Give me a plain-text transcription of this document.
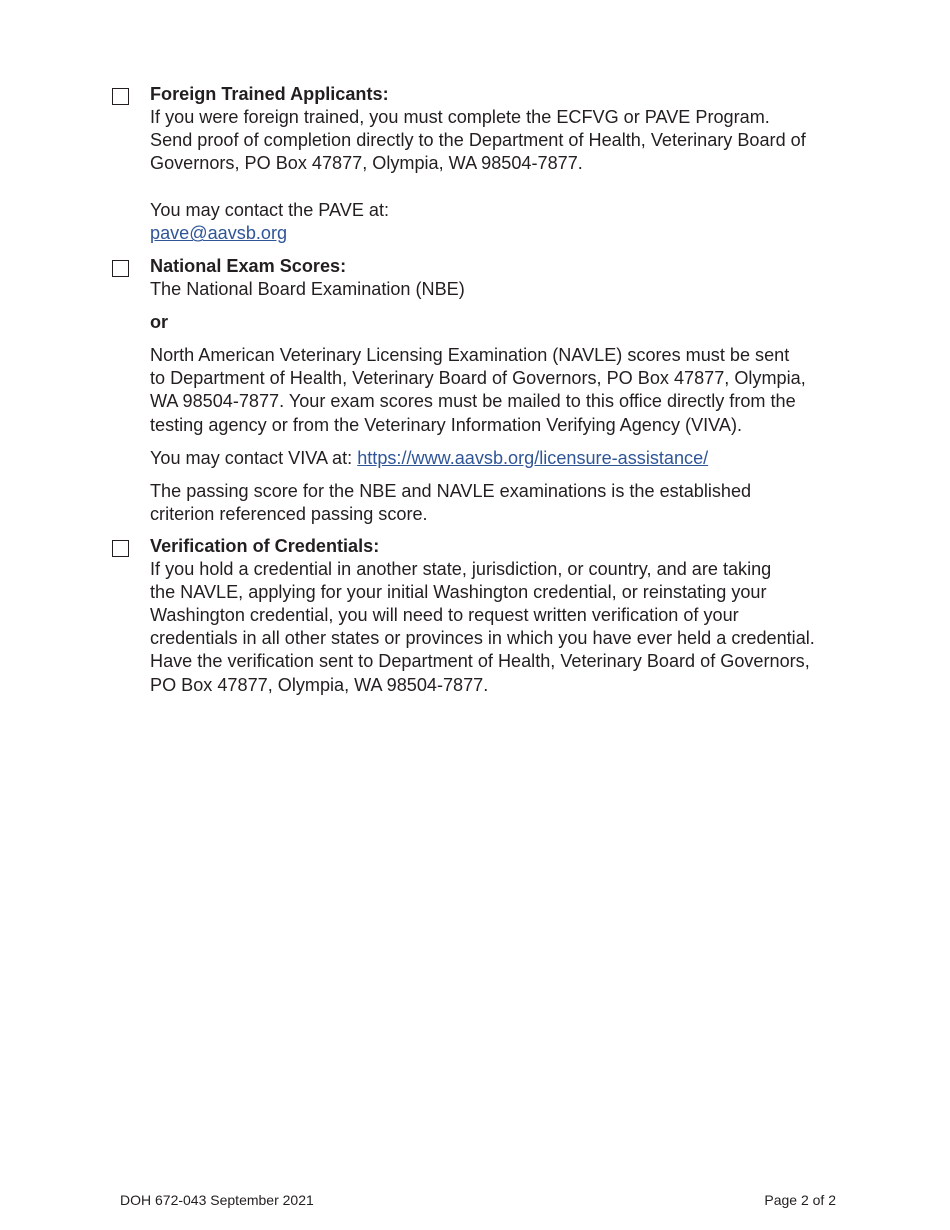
Foreign Trained Applicants:

If you were foreign trained, you must complete the ECFVG or PAVE Program.

Send proof of completion directly to the Department of Health, Veterinary Board of

Governors, PO Box 47877, Olympia, WA 98504-7877.

You may contact the PAVE at:

pave@aavsb.org

National Exam Scores:

The National Board Examination (NBE)

or

North American Veterinary Licensing Examination (NAVLE) scores must be sent

to Department of Health, Veterinary Board of Governors, PO Box 47877, Olympia,

WA 98504-7877. Your exam scores must be mailed to this office directly from the

testing agency or from the Veterinary Information Verifying Agency (VIVA).

You may contact VIVA at: https://www.aavsb.org/licensure-assistance/

The passing score for the NBE and NAVLE examinations is the established

criterion referenced passing score.

Verification of Credentials:

If you hold a credential in another state, jurisdiction, or country, and are taking

the NAVLE, applying for your initial Washington credential, or reinstating your

Washington credential, you will need to request written verification of your

credentials in all other states or provinces in which you have ever held a credential.

Have the verification sent to Department of Health, Veterinary Board of Governors,

PO Box 47877, Olympia, WA 98504-7877.

DOH 672-043 September 2021	Page 2 of 2
